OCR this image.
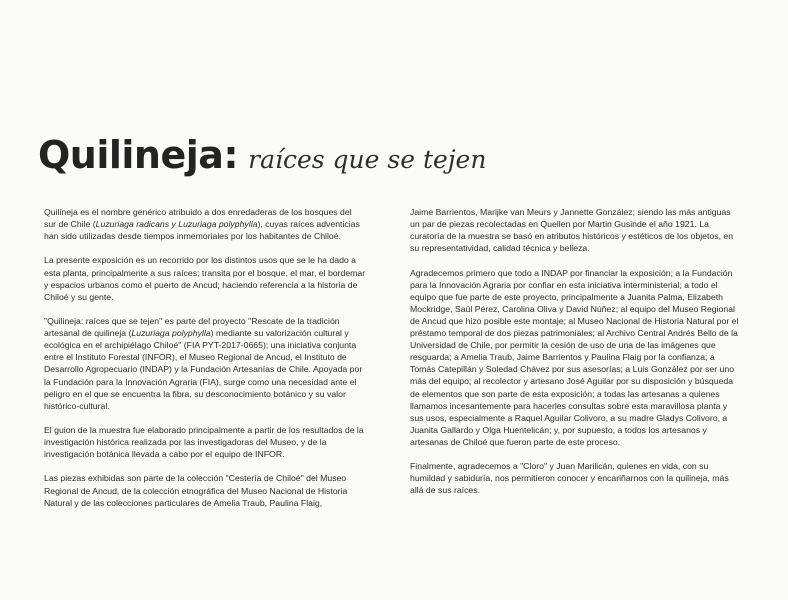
Quilineja: raíces que se tejen

Quilineja es el nombre genérico atribuido a dos enredaderas de los bosques del sur de Chile (Luzuriaga radicans y Luzuriaga polyphylla), cuyas raíces adventicias han sido utilizadas desde tiempos inmemoriales por los habitantes de Chiloé.

La presente exposición es un recorrido por los distintos usos que se le ha dado a esta planta, principalmente a sus raíces; transita por el bosque, el mar, el bordemar y espacios urbanos como el puerto de Ancud; haciendo referencia a la historia de Chiloé y su gente.

"Quilineja: raíces que se tejen" es parte del proyecto "Rescate de la tradición artesanal de quilineja (Luzuriaga polyphylla) mediante su valorización cultural y ecológica en el archipiélago Chiloé" (FIA PYT-2017-0665); una iniciativa conjunta entre el Instituto Forestal (INFOR), el Museo Regional de Ancud, el Instituto de Desarrollo Agropecuario (INDAP) y la Fundación Artesanías de Chile. Apoyada por la Fundación para la Innovación Agraria (FIA), surge como una necesidad ante el peligro en el que se encuentra la fibra, su desconocimiento botánico y su valor histórico-cultural.

El guion de la muestra fue elaborado principalmente a partir de los resultados de la investigación histórica realizada por las investigadoras del Museo, y de la investigación botánica llevada a cabo por el equipo de INFOR.

Las piezas exhibidas son parte de la colección "Cestería de Chiloé" del Museo Regional de Ancud, de la colección etnográfica del Museo Nacional de Historia Natural y de las colecciones particulares de Amelia Traub, Paulina Flaig,

Jaime Barrientos, Marijke van Meurs y Jannette González; siendo las más antiguas un par de piezas recolectadas en Quellen por Martin Gusinde el año 1921. La curatoría de la muestra se basó en atributos históricos y estéticos de los objetos, en su representatividad, calidad técnica y belleza.

Agradecemos primero que todo a INDAP por financiar la exposición; a la Fundación para la Innovación Agraria por confiar en esta iniciativa interministerial; a todo el equipo que fue parte de este proyecto, principalmente a Juanita Palma, Elizabeth Mockridge, Saúl Pérez, Carolina Oliva y David Núñez; al equipo del Museo Regional de Ancud que hizo posible este montaje; al Museo Nacional de Historia Natural por el préstamo temporal de dos piezas patrimoniales; al Archivo Central Andrés Bello de la Universidad de Chile, por permitir la cesión de uso de una de las imágenes que resguarda; a Amelia Traub, Jaime Barrientos y Paulina Flaig por la confianza; a Tomás Catepillán y Soledad Chávez por sus asesorías; a Luis González por ser uno más del equipo; al recolector y artesano José Aguilar por su disposición y búsqueda de elementos que son parte de esta exposición; a todas las artesanas a quienes llamamos incesantemente para hacerles consultas sobre esta maravillosa planta y sus usos, especialmente a Raquel Aguilar Colivoro, a su madre Gladys Colivoro, a Juanita Gallardo y Olga Huentelicán; y, por supuesto, a todos los artesanos y artesanas de Chiloé que fueron parte de este proceso.

Finalmente, agradecemos a "Cloro" y Juan Marilicán, quienes en vida, con su humildad y sabiduría, nos permitieron conocer y encariñarnos con la quilineja, más allá de sus raíces.
